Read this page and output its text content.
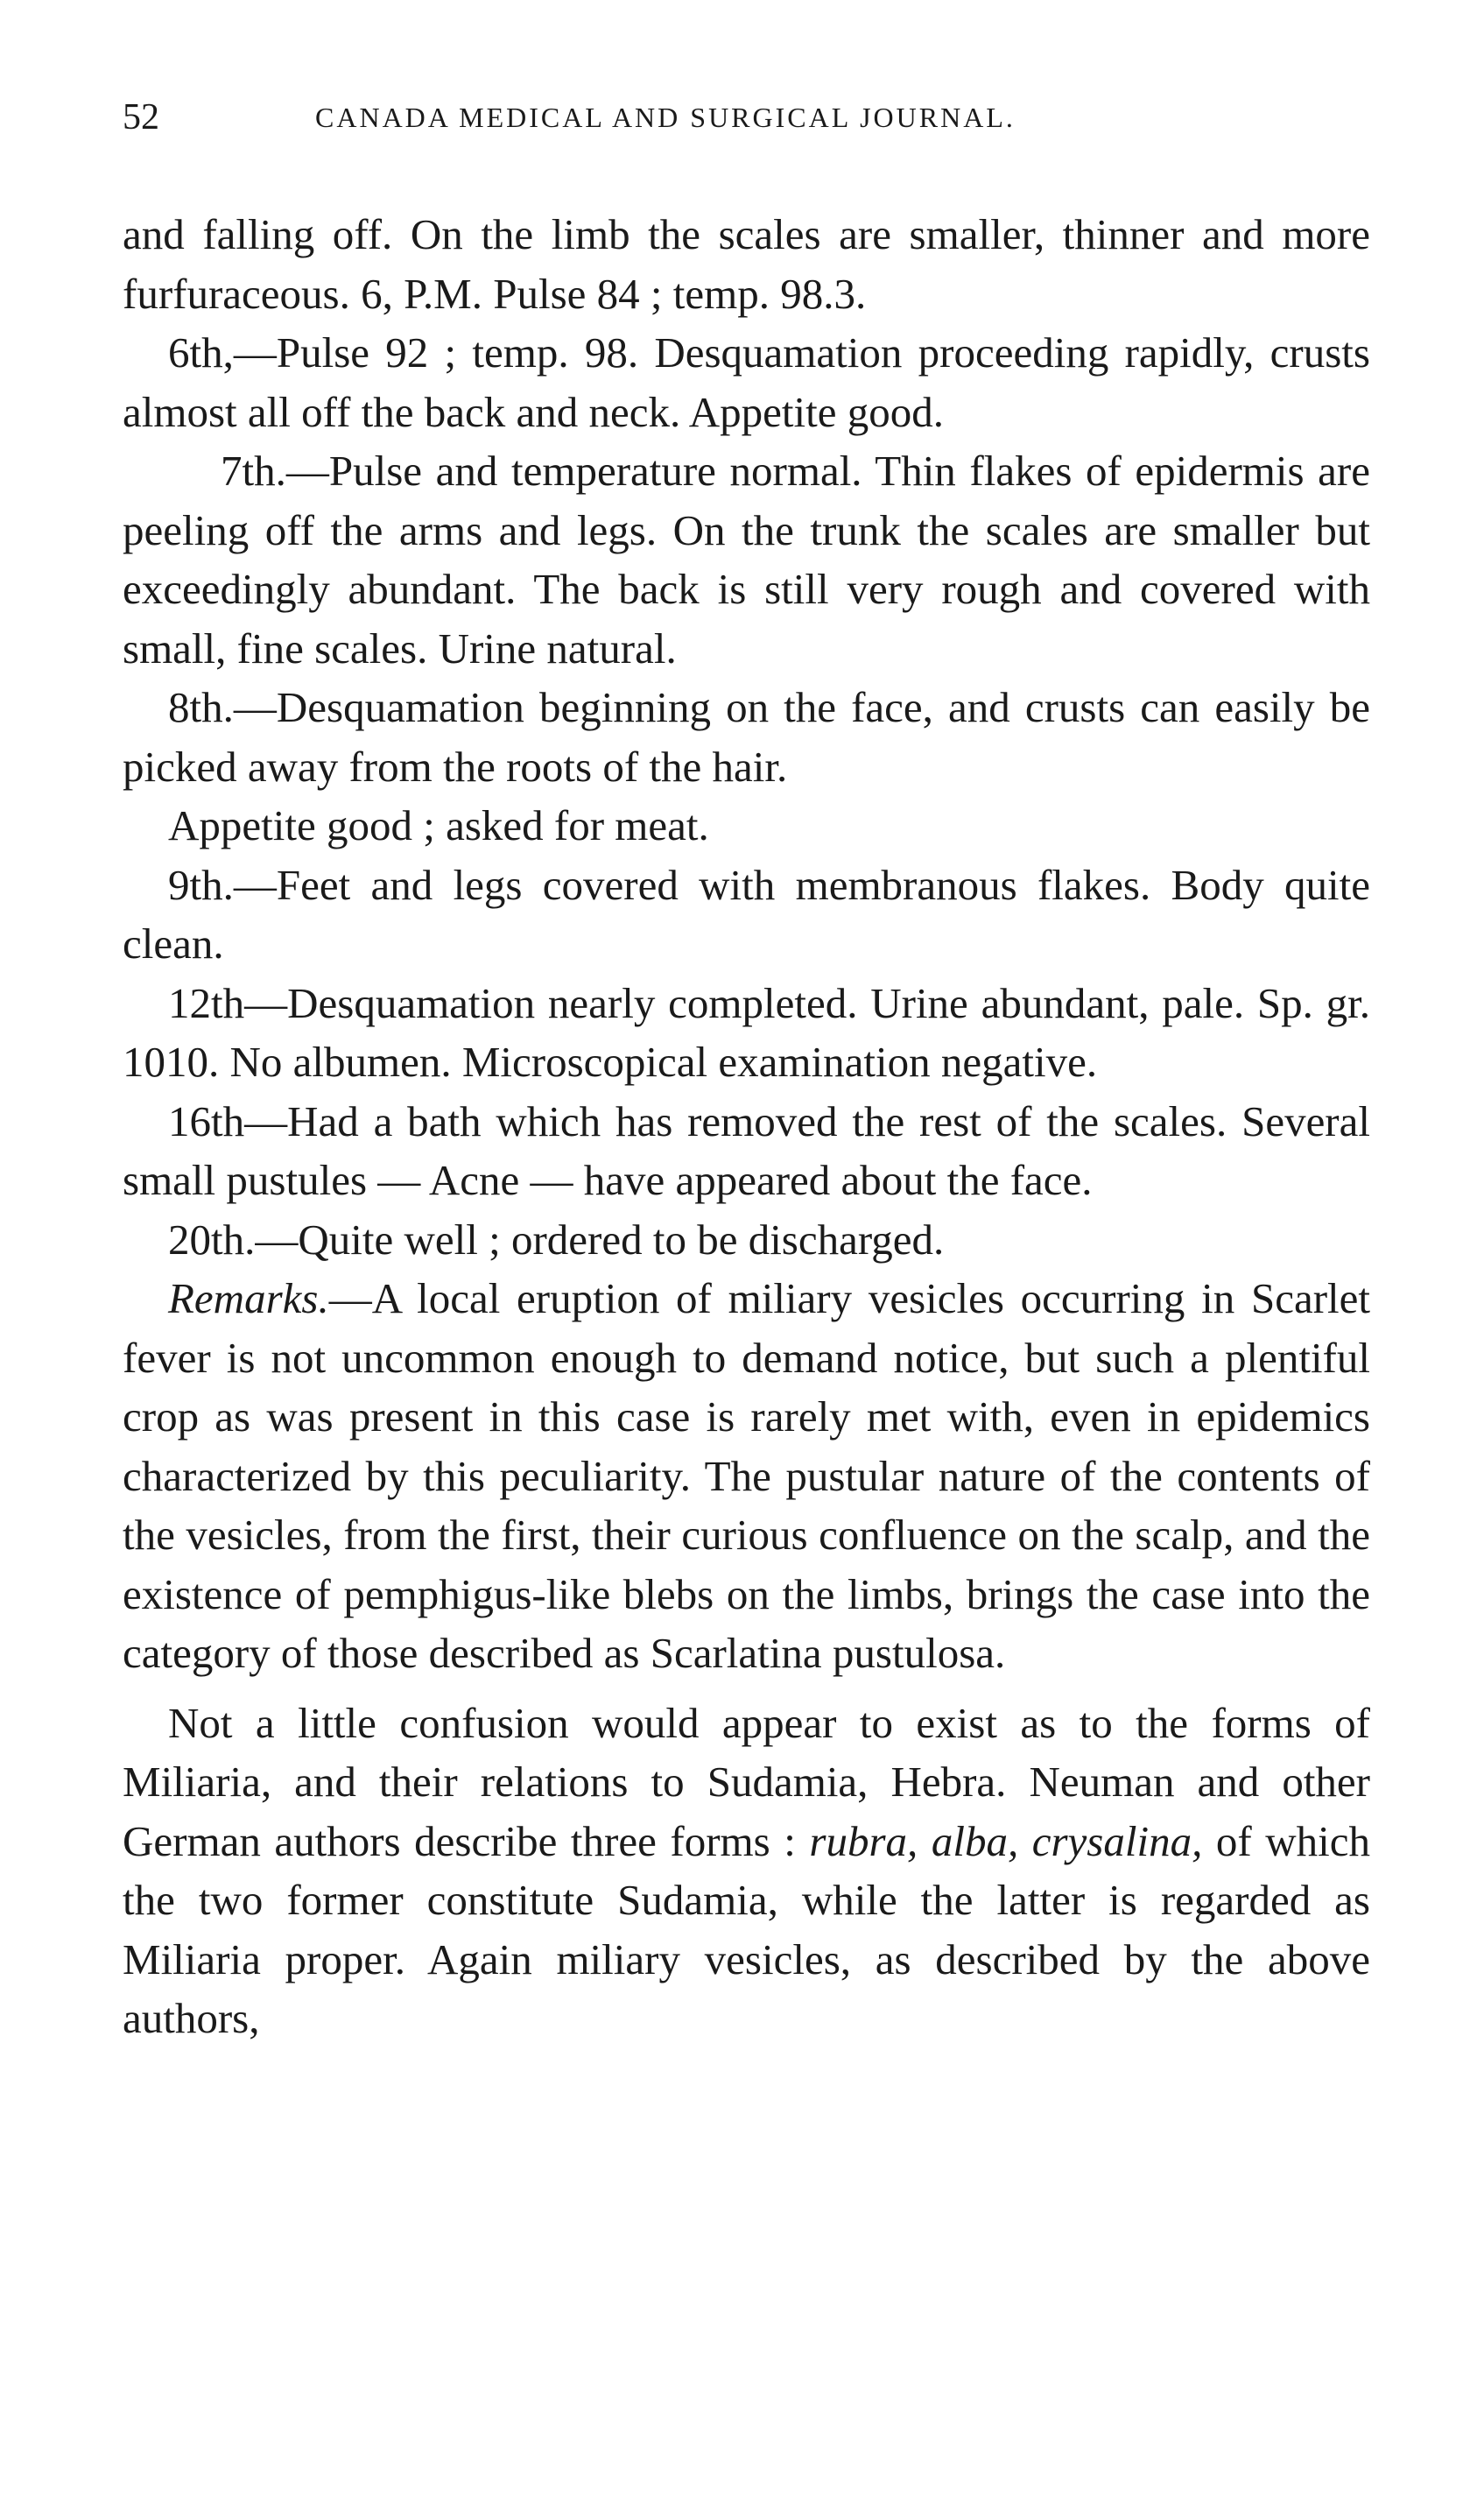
52	CANADA MEDICAL AND SURGICAL JOURNAL.

and falling off. On the limb the scales are smaller, thinner and more furfuraceous. 6, P.M. Pulse 84 ; temp. 98.3.

6th,—Pulse 92 ; temp. 98. Desquamation proceeding rapidly, crusts almost all off the back and neck. Appetite good.

7th.—Pulse and temperature normal. Thin flakes of epidermis are peeling off the arms and legs. On the trunk the scales are smaller but exceedingly abundant. The back is still very rough and covered with small, fine scales. Urine natural.

8th.—Desquamation beginning on the face, and crusts can easily be picked away from the roots of the hair.

Appetite good ; asked for meat.

9th.—Feet and legs covered with membranous flakes. Body quite clean.

12th—Desquamation nearly completed. Urine abundant, pale. Sp. gr. 1010. No albumen. Microscopical examination negative.

16th—Had a bath which has removed the rest of the scales. Several small pustules — Acne — have appeared about the face.

20th.—Quite well ; ordered to be discharged.

Remarks.—A local eruption of miliary vesicles occurring in Scarlet fever is not uncommon enough to demand notice, but such a plentiful crop as was present in this case is rarely met with, even in epidemics characterized by this peculiarity. The pustular nature of the contents of the vesicles, from the first, their curious confluence on the scalp, and the existence of pemphigus-like blebs on the limbs, brings the case into the category of those described as Scarlatina pustulosa.

Not a little confusion would appear to exist as to the forms of Miliaria, and their relations to Sudamia, Hebra. Neuman and other German authors describe three forms : rubra, alba, crysalina, of which the two former constitute Sudamia, while the latter is regarded as Miliaria proper. Again miliary vesicles, as described by the above authors,
